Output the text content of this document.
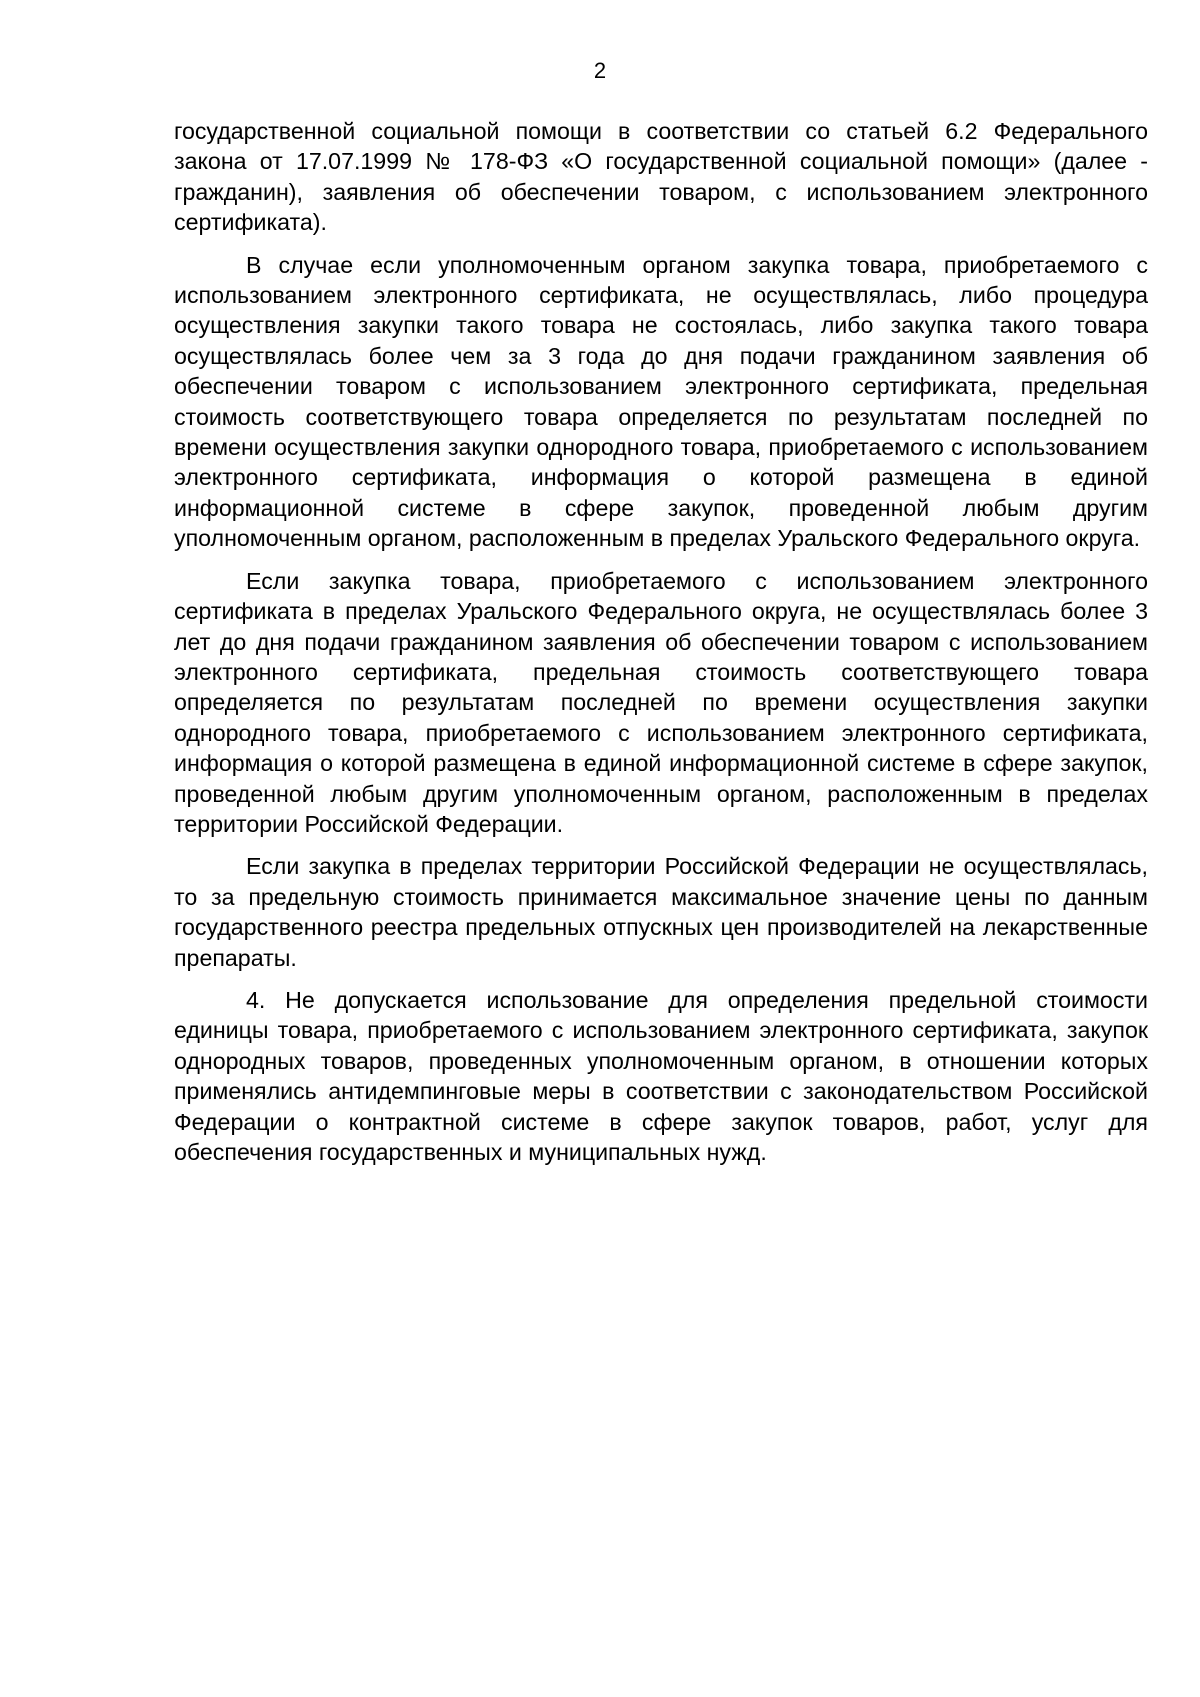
2

государственной социальной помощи в соответствии со статьей 6.2 Федерального закона от 17.07.1999 № 178-ФЗ «О государственной социальной помощи» (далее - гражданин), заявления об обеспечении товаром, с использованием электронного сертификата).

В случае если уполномоченным органом закупка товара, приобретаемого с использованием электронного сертификата, не осуществлялась, либо процедура осуществления закупки такого товара не состоялась, либо закупка такого товара осуществлялась более чем за 3 года до дня подачи гражданином заявления об обеспечении товаром с использованием электронного сертификата, предельная стоимость соответствующего товара определяется по результатам последней по времени осуществления закупки однородного товара, приобретаемого с использованием электронного сертификата, информация о которой размещена в единой информационной системе в сфере закупок, проведенной любым другим уполномоченным органом, расположенным в пределах Уральского Федерального округа.

Если закупка товара, приобретаемого с использованием электронного сертификата в пределах Уральского Федерального округа, не осуществлялась более 3 лет до дня подачи гражданином заявления об обеспечении товаром с использованием электронного сертификата, предельная стоимость соответствующего товара определяется по результатам последней по времени осуществления закупки однородного товара, приобретаемого с использованием электронного сертификата, информация о которой размещена в единой информационной системе в сфере закупок, проведенной любым другим уполномоченным органом, расположенным в пределах территории Российской Федерации.

Если закупка в пределах территории Российской Федерации не осуществлялась, то за предельную стоимость принимается максимальное значение цены по данным государственного реестра предельных отпускных цен производителей на лекарственные препараты.

4. Не допускается использование для определения предельной стоимости единицы товара, приобретаемого с использованием электронного сертификата, закупок однородных товаров, проведенных уполномоченным органом, в отношении которых применялись антидемпинговые меры в соответствии с законодательством Российской Федерации о контрактной системе в сфере закупок товаров, работ, услуг для обеспечения государственных и муниципальных нужд.
